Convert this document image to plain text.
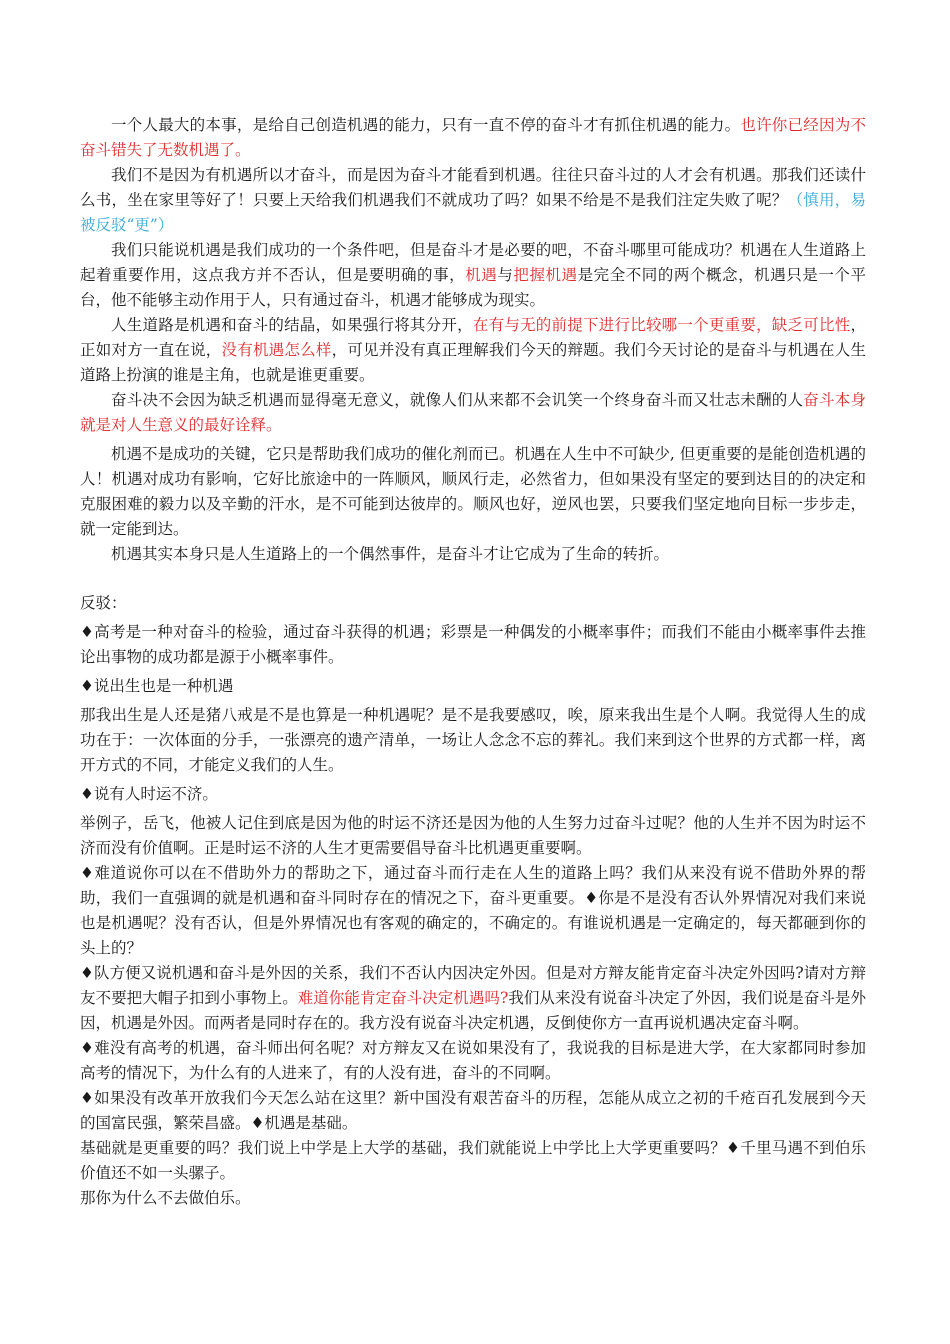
一个人最大的本事，是给自己创造机遇的能力，只有一直不停的奋斗才有抓住机遇的能力。也许你已经因为不奋斗错失了无数机遇了。

我们不是因为有机遇所以才奋斗，而是因为奋斗才能看到机遇。往往只奋斗过的人才会有机遇。那我们还读什么书，坐在家里等好了！只要上天给我们机遇我们不就成功了吗？如果不给是不是我们注定失败了呢？（慎用，易被反驳“更”）

我们只能说机遇是我们成功的一个条件吧，但是奋斗才是必要的吧，不奋斗哪里可能成功？机遇在人生道路上起着重要作用，这点我方并不否认，但是要明确的事，机遇与把握机遇是完全不同的两个概念，机遇只是一个平台，他不能够主动作用于人，只有通过奋斗，机遇才能够成为现实。

人生道路是机遇和奋斗的结晶，如果强行将其分开，在有与无的前提下进行比较哪一个更重要，缺乏可比性，正如对方一直在说，没有机遇怎么样，可见并没有真正理解我们今天的辩题。我们今天讨论的是奋斗与机遇在人生道路上扮演的谁是主角，也就是谁更重要。

奋斗决不会因为缺乏机遇而显得毫无意义，就像人们从来都不会讥笑一个终身奋斗而又壮志未酬的人奋斗本身就是对人生意义的最好诠释。

机遇不是成功的关键，它只是帮助我们成功的催化剂而已。机遇在人生中不可缺少, 但更重要的是能创造机遇的人！机遇对成功有影响，它好比旅途中的一阵顺风，顺风行走，必然省力，但如果没有坚定的要到达目的的决定和克服困难的毅力以及辛勤的汗水，是不可能到达彼岸的。顺风也好，逆风也罢，只要我们坚定地向目标一步步走，就一定能到达。

机遇其实本身只是人生道路上的一个偶然事件，是奋斗才让它成为了生命的转折。

反驳：

♦高考是一种对奋斗的检验，通过奋斗获得的机遇；彩票是一种偶发的小概率事件；而我们不能由小概率事件去推论出事物的成功都是源于小概率事件。

♦说出生也是一种机遇

那我出生是人还是猪八戒是不是也算是一种机遇呢？是不是我要感叹，唉，原来我出生是个人啊。我觉得人生的成功在于：一次体面的分手，一张漂亮的遗产清单，一场让人念念不忘的葬礼。我们来到这个世界的方式都一样，离开方式的不同，才能定义我们的人生。

♦说有人时运不济。

举例子，岳飞，他被人记住到底是因为他的时运不济还是因为他的人生努力过奋斗过呢？他的人生并不因为时运不济而没有价值啊。正是时运不济的人生才更需要倡导奋斗比机遇更重要啊。

♦难道说你可以在不借助外力的帮助之下，通过奋斗而行走在人生的道路上吗？我们从来没有说不借助外界的帮助，我们一直强调的就是机遇和奋斗同时存在的情况之下，奋斗更重要。♦你是不是没有否认外界情况对我们来说也是机遇呢？没有否认，但是外界情况也有客观的确定的，不确定的。有谁说机遇是一定确定的，每天都砸到你的头上的？

♦队方便又说机遇和奋斗是外因的关系，我们不否认内因决定外因。但是对方辩友能肯定奋斗决定外因吗?请对方辩友不要把大帽子扣到小事物上。难道你能肯定奋斗决定机遇吗?我们从来没有说奋斗决定了外因，我们说是奋斗是外因，机遇是外因。而两者是同时存在的。我方没有说奋斗决定机遇，反倒使你方一直再说机遇决定奋斗啊。

♦难没有高考的机遇，奋斗师出何名呢？对方辩友又在说如果没有了，我说我的目标是进大学，在大家都同时参加高考的情况下，为什么有的人进来了，有的人没有进，奋斗的不同啊。

♦如果没有改革开放我们今天怎么站在这里？新中国没有艰苦奋斗的历程，怎能从成立之初的千疮百孔发展到今天的国富民强，繁荣昌盛。♦机遇是基础。

基础就是更重要的吗？我们说上中学是上大学的基础，我们就能说上中学比上大学更重要吗？♦千里马遇不到伯乐价值还不如一头骡子。

那你为什么不去做伯乐。
